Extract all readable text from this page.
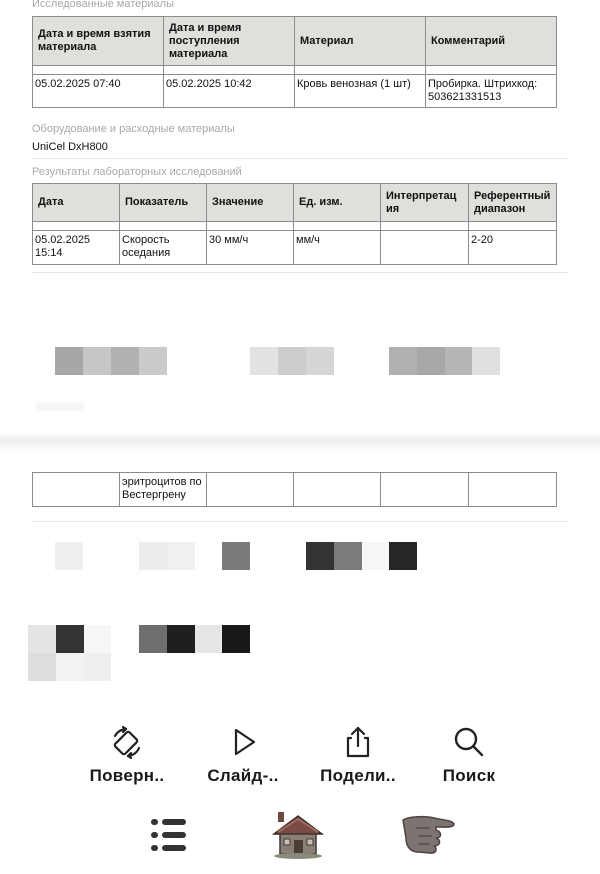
Исследованные материалы
Дата и время взятия материала	Дата и время поступления материала	Материал	Комментарий

05.02.2025 07:40	05.02.2025 10:42	Кровь венозная (1 шт)	Пробирка. Штрихкод: 503621331513
Оборудование и расходные материалы
UniCel DxH800
Результаты лабораторных исследований
Дата	Показатель	Значение	Ед. изм.	Интерпретация	Референтный диапазон

05.02.2025 15:14	Скорость оседания	30 мм/ч	мм/ч		2-20
	эритроцитов по Вестергрену				
Поверн..	Слайд-..	Подели..	Поиск
